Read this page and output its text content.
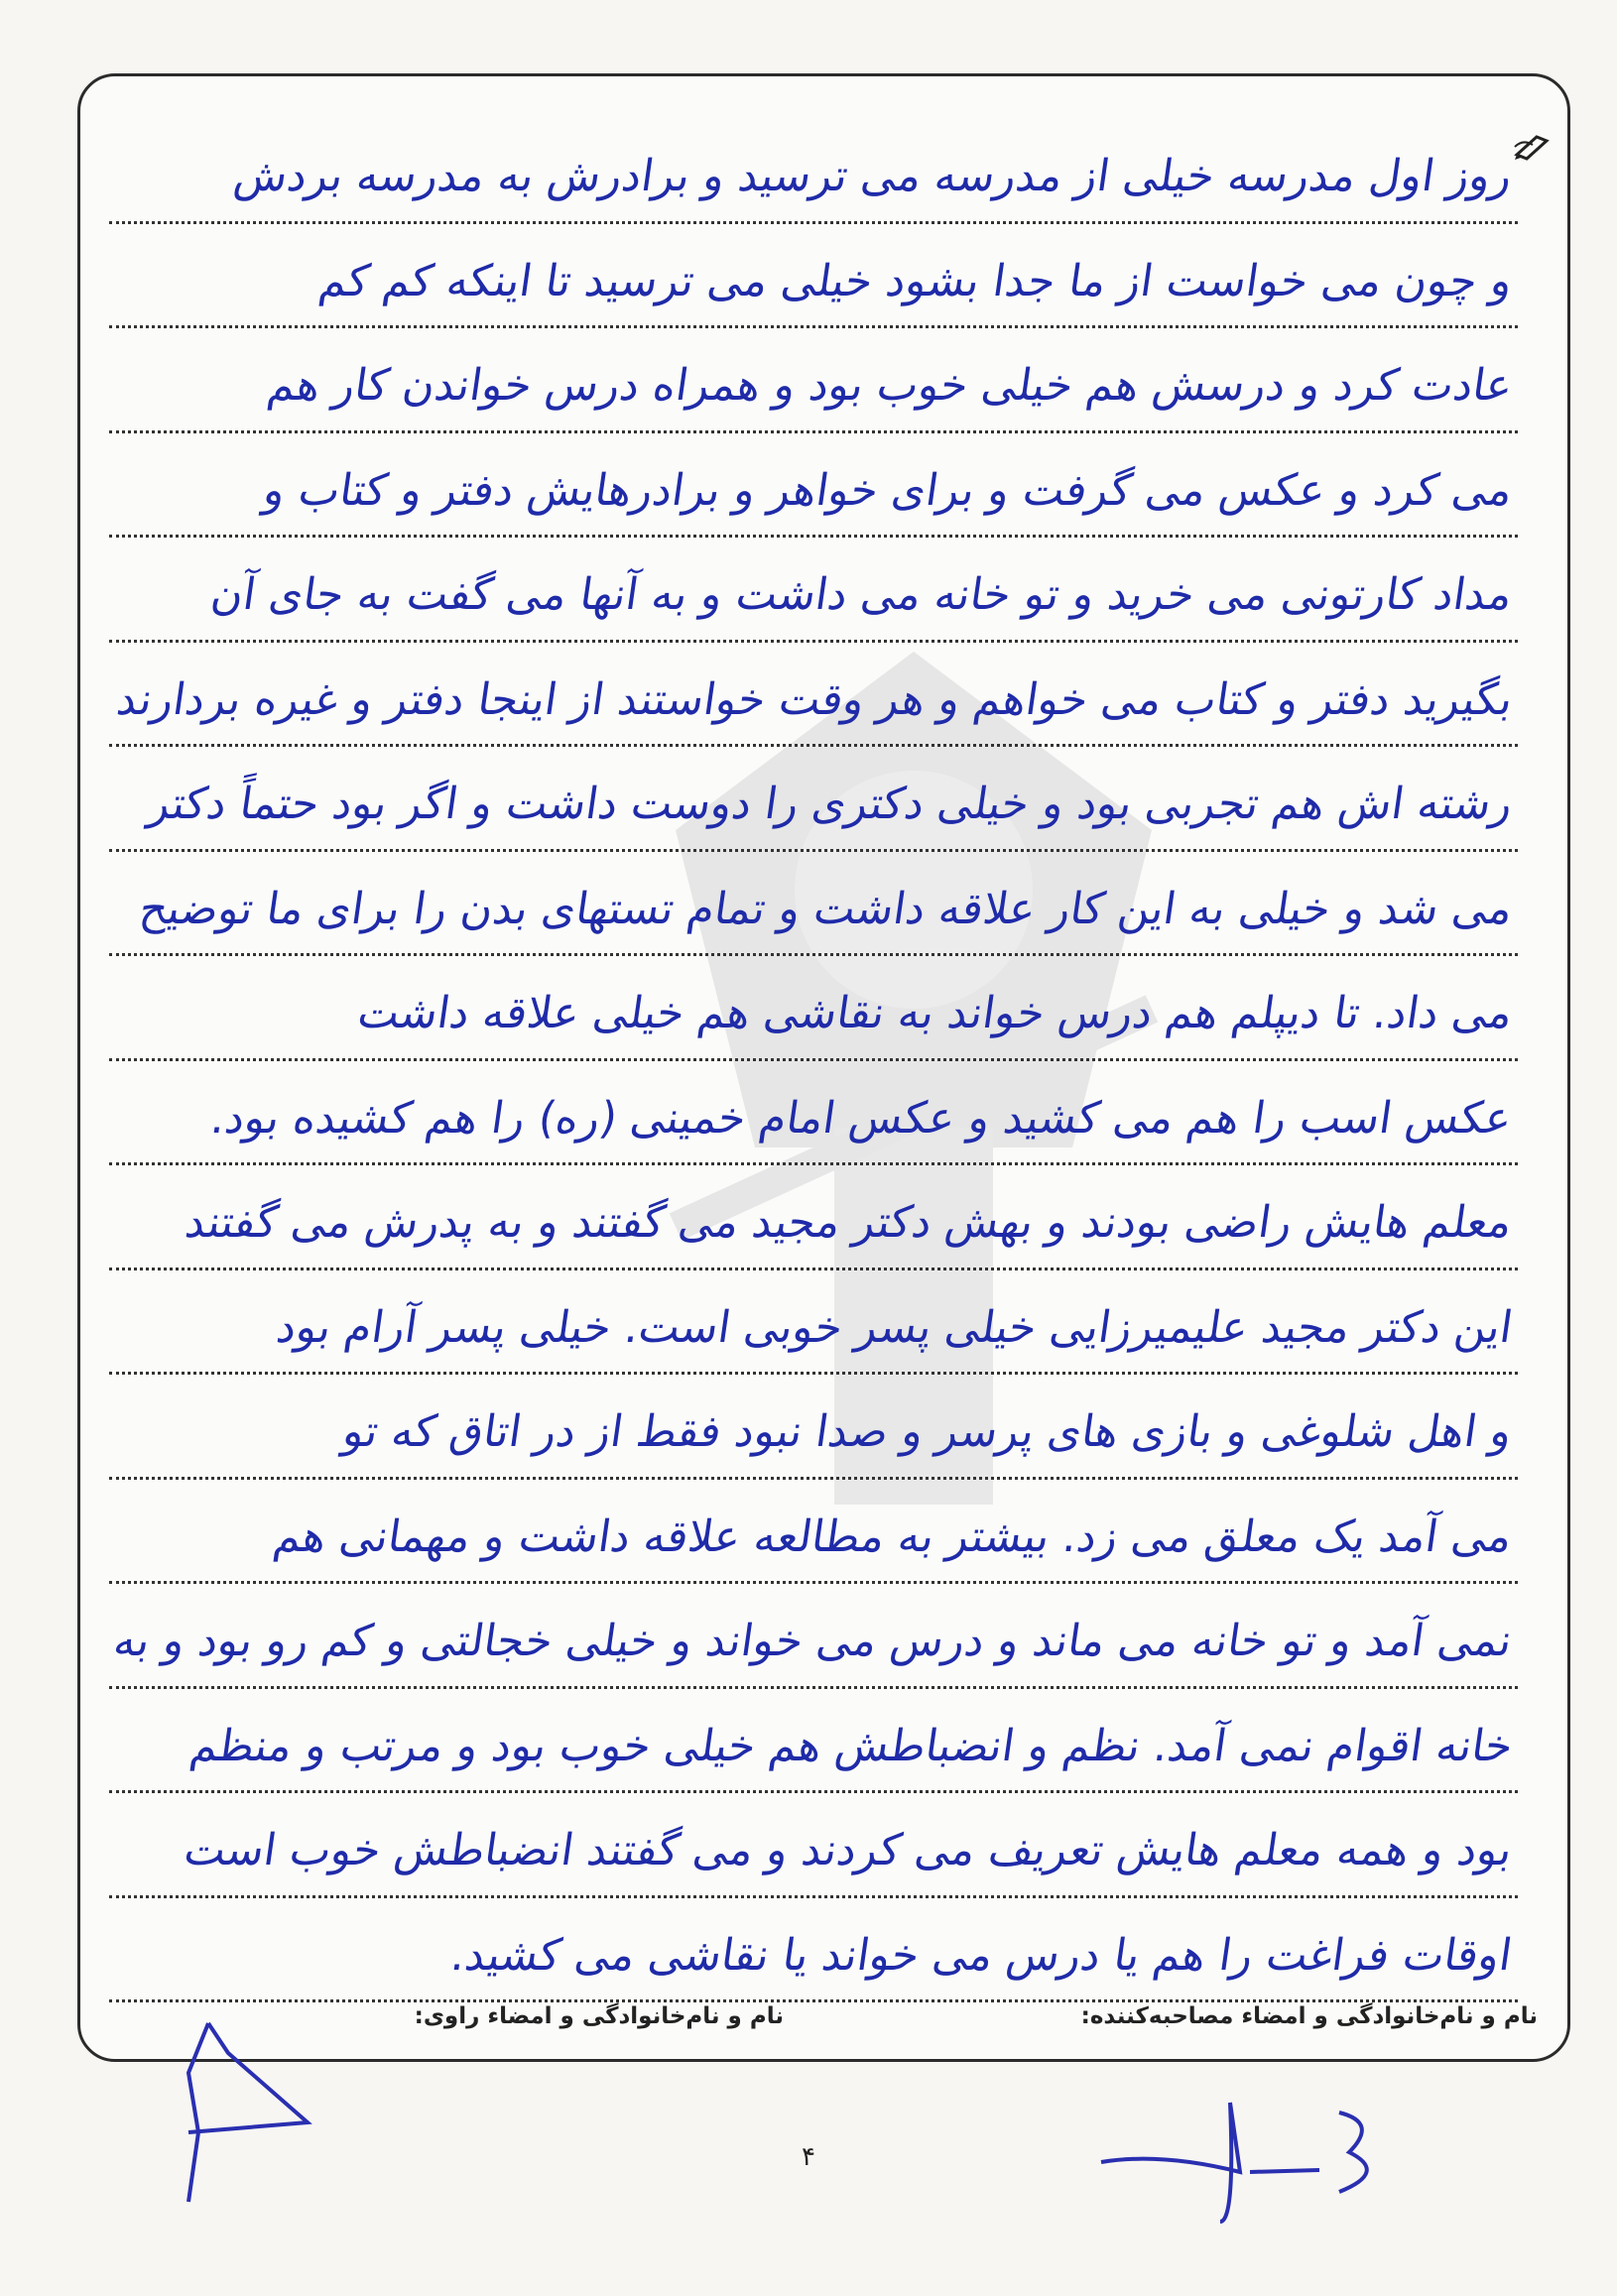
روز اول مدرسه خیلی از مدرسه می ترسید و برادرش به مدرسه بردش
و چون می خواست از ما جدا بشود خیلی می ترسید تا اینکه کم کم
عادت کرد و درسش هم خیلی خوب بود و همراه درس خواندن کار هم
می کرد و عکس می گرفت و برای خواهر و برادرهایش دفتر و کتاب و
مداد کارتونی می خرید و تو خانه می داشت و به آنها می گفت به جای آن
بگیرید دفتر و کتاب می خواهم و هر وقت خواستند از اینجا دفتر و غیره بردارند
رشته اش هم تجربی بود و خیلی دکتری را دوست داشت و اگر بود حتماً دکتر
می شد و خیلی به این کار علاقه داشت و تمام تستهای بدن را برای ما توضیح
می داد. تا دیپلم هم درس خواند به نقاشی هم خیلی علاقه داشت
عکس اسب را هم می کشید و عکس امام خمینی (ره) را هم کشیده بود.
معلم هایش راضی بودند و بهش دکتر مجید می گفتند و به پدرش می گفتند
این دکتر مجید علیمیرزایی خیلی پسر خوبی است. خیلی پسر آرام بود
و اهل شلوغی و بازی های پرسر و صدا نبود فقط از در اتاق که تو
می آمد یک معلق می زد. بیشتر به مطالعه علاقه داشت و مهمانی هم
نمی آمد و تو خانه می ماند و درس می خواند و خیلی خجالتی و کم رو بود و به
خانه اقوام نمی آمد. نظم و انضباطش هم خیلی خوب بود و مرتب و منظم
بود و همه معلم هایش تعریف می کردند و می گفتند انضباطش خوب است
اوقات فراغت را هم یا درس می خواند یا نقاشی می کشید.
نام و نام‌خانوادگی و امضاء مصاحبه‌کننده:
نام و نام‌خانوادگی و امضاء راوی:
۴
